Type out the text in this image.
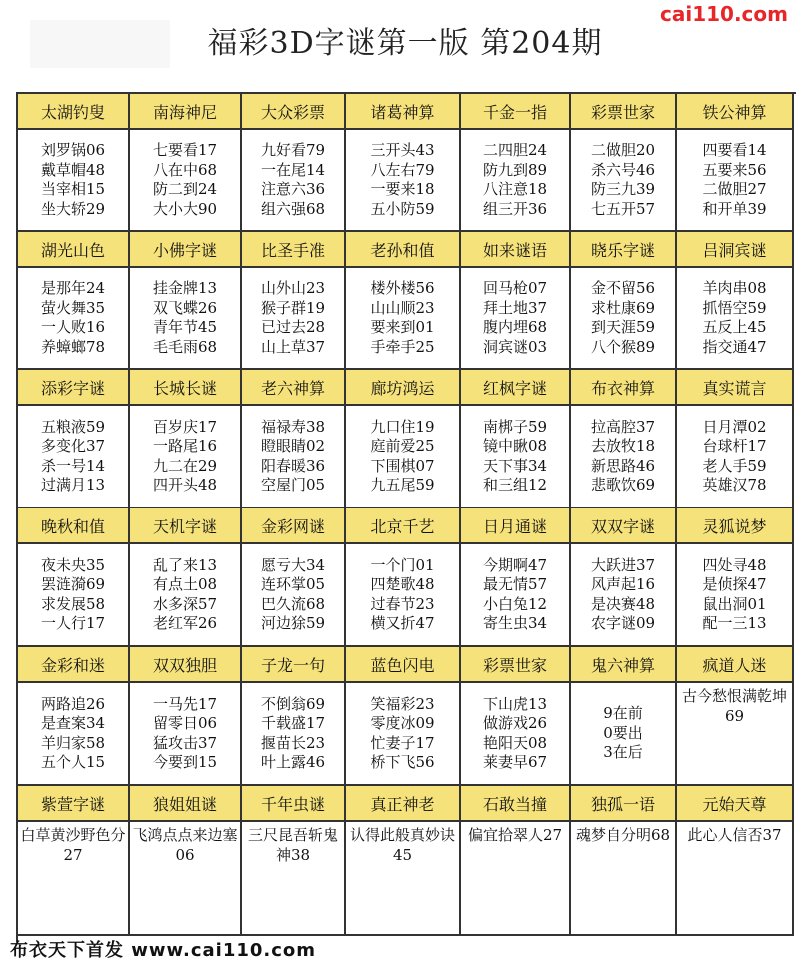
福彩3D字谜第一版 第204期
cai110.com
太湖钓叟
刘罗锅06
戴草帽48
当宰相15
坐大轿29
南海神尼
七要看17
八在中68
防二到24
大小大90
大众彩票
九好看79
一在尾14
注意六36
组六强68
诸葛神算
三开头43
八左右79
一要来18
五小防59
千金一指
二四胆24
防九到89
八注意18
组三开36
彩票世家
二做胆20
杀六号46
防三九39
七五开57
铁公神算
四要看14
五要来56
二做胆27
和开单39
湖光山色
是那年24
萤火舞35
一人败16
养蟑螂78
小佛字谜
挂金牌13
双飞蝶26
青年节45
毛毛雨68
比圣手准
山外山23
猴子群19
已过去28
山上草37
老孙和值
楼外楼56
山山顺23
要来到01
手牵手25
如来谜语
回马枪07
拜土地37
腹内埋68
洞宾谜03
晓乐字谜
金不留56
求杜康69
到天涯59
八个猴89
吕洞宾谜
羊肉串08
抓悟空59
五反上45
指交通47
添彩字谜
五粮液59
多变化37
杀一号14
过满月13
长城长谜
百岁庆17
一路尾16
九二在29
四开头48
老六神算
福禄寿38
瞪眼睛02
阳春暖36
空屋门05
廊坊鸿运
九口住19
庭前爱25
下围棋07
九五尾59
红枫字谜
南梆子59
镜中瞅08
天下事34
和三组12
布衣神算
拉高腔37
去放牧18
新思路46
悲歌饮69
真实谎言
日月潭02
台球杆17
老人手59
英雄汉78
晚秋和值
夜未央35
罢涟漪69
求发展58
一人行17
天机字谜
乱了来13
有点土08
水多深57
老红军26
金彩网谜
愿亏大34
连环掌05
巴久流68
河边狳59
北京千艺
一个门01
四楚歌48
过春节23
横又折47
日月通谜
今期啊47
最无情57
小白兔12
寄生虫34
双双字谜
大跃进37
风声起16
是决赛48
农字谜09
灵狐说梦
四处寻48
是侦探47
鼠出洞01
配一三13
金彩和迷
两路追26
是查案34
羊归家58
五个人15
双双独胆
一马先17
留零日06
猛攻击37
今要到15
子龙一句
不倒翁69
千载盛17
揠苗长23
叶上露46
蓝色闪电
笑福彩23
零度冰09
忙妻子17
桥下飞56
彩票世家
下山虎13
做游戏26
艳阳天08
莱妻早67
鬼六神算
9在前
0要出
3在后
疯道人迷
古今愁恨满乾坤69
紫萱字谜
白草黄沙野色分27
狼姐姐谜
飞鸿点点来边塞06
千年虫谜
三尺昆吾斩鬼神38
真正神老
认得此般真妙诀45
石敢当撞
偏宜拾翠人27
独孤一语
魂梦自分明68
元始天尊
此心人信否37
布衣天下首发 www.cai110.com
